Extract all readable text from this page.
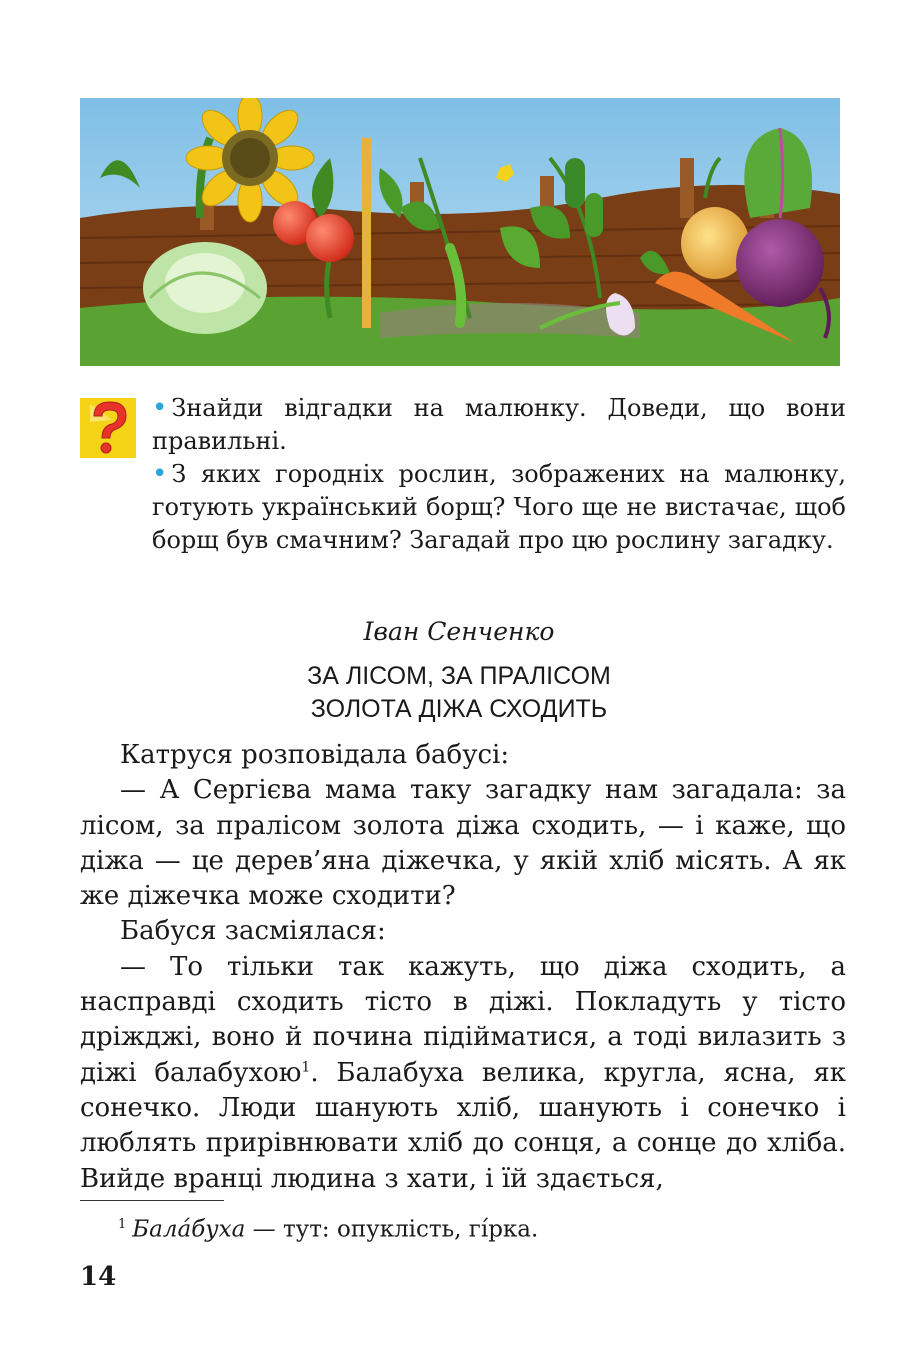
• Знайди відгадки на малюнку. Доведи, що вони правильні.

• З яких городніх рослин, зображених на малюнку, готують український борщ? Чого ще не вистачає, щоб борщ був смачним? Загадай про цю рослину загадку.

Іван Сенченко
ЗА ЛІСОМ, ЗА ПРАЛІСОМ
ЗОЛОТА ДІЖА СХОДИТЬ

Катруся розповідала бабусі:

— А Сергієва мама таку загадку нам загадала: за лісом, за пралісом золота діжа сходить, — і каже, що діжа — це дерев’яна діжечка, у якій хліб місять. А як же діжечка може сходити?

Бабуся засміялася:

— То тільки так кажуть, що діжа сходить, а насправді сходить тісто в діжі. Покладуть у тісто дріжджі, воно й почина підійматися, а тоді вилазить з діжі балабухою$^1$. Балабуха велика, кругла, ясна, як сонечко. Люди шанують хліб, шанують і сонечко і люблять прирівнювати хліб до сонця, а сонце до хліба. Вийде вранці людина з хати, і їй здається,

$^1$ Бала́буха — тут: опуклість, гі́рка.
14
